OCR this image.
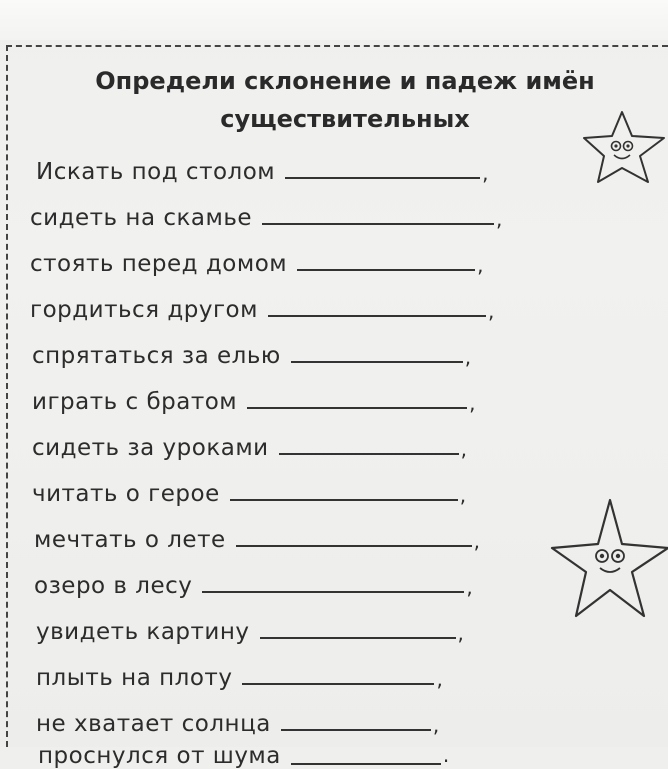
Определи склонение и падеж имён существительных
Искать под столом	,
сидеть на скамье	,
стоять перед домом	,
гордиться другом	,
спрятаться за елью	,
играть с братом	,
сидеть за уроками	,
читать о герое	,
мечтать о лете	,
озеро в лесу	,
увидеть картину	,
плыть на плоту	,
не хватает солнца	,
проснулся от шума	.
